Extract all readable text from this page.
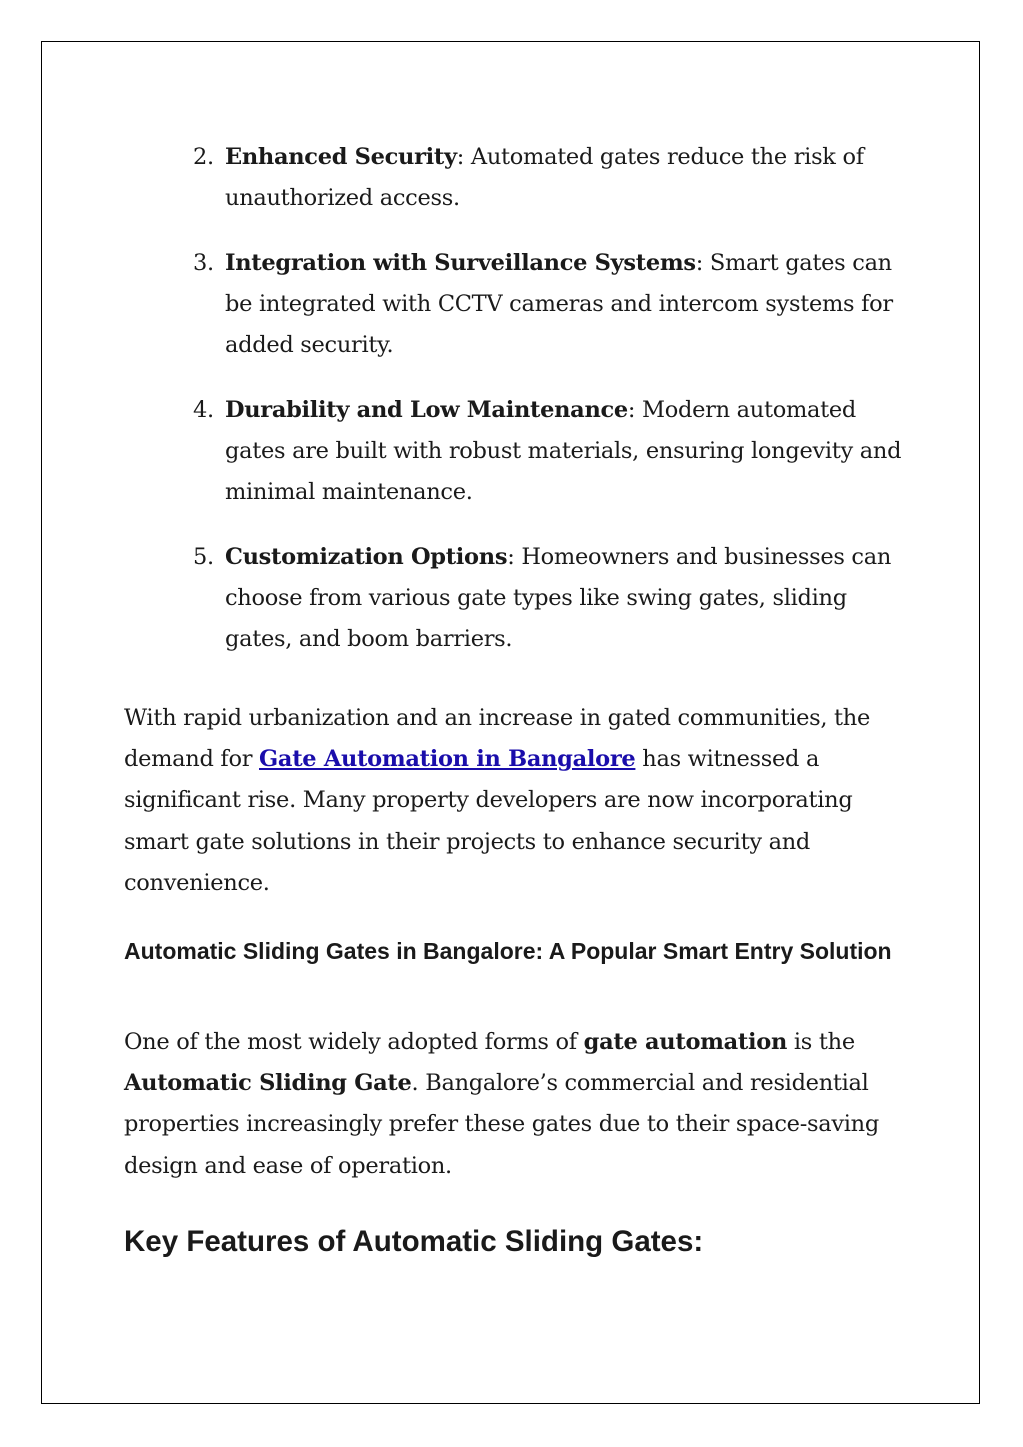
2. Enhanced Security: Automated gates reduce the risk of unauthorized access.
3. Integration with Surveillance Systems: Smart gates can be integrated with CCTV cameras and intercom systems for added security.
4. Durability and Low Maintenance: Modern automated gates are built with robust materials, ensuring longevity and minimal maintenance.
5. Customization Options: Homeowners and businesses can choose from various gate types like swing gates, sliding gates, and boom barriers.

With rapid urbanization and an increase in gated communities, the demand for Gate Automation in Bangalore has witnessed a significant rise. Many property developers are now incorporating smart gate solutions in their projects to enhance security and convenience.

Automatic Sliding Gates in Bangalore: A Popular Smart Entry Solution

One of the most widely adopted forms of gate automation is the Automatic Sliding Gate. Bangalore’s commercial and residential properties increasingly prefer these gates due to their space-saving design and ease of operation.

Key Features of Automatic Sliding Gates:
